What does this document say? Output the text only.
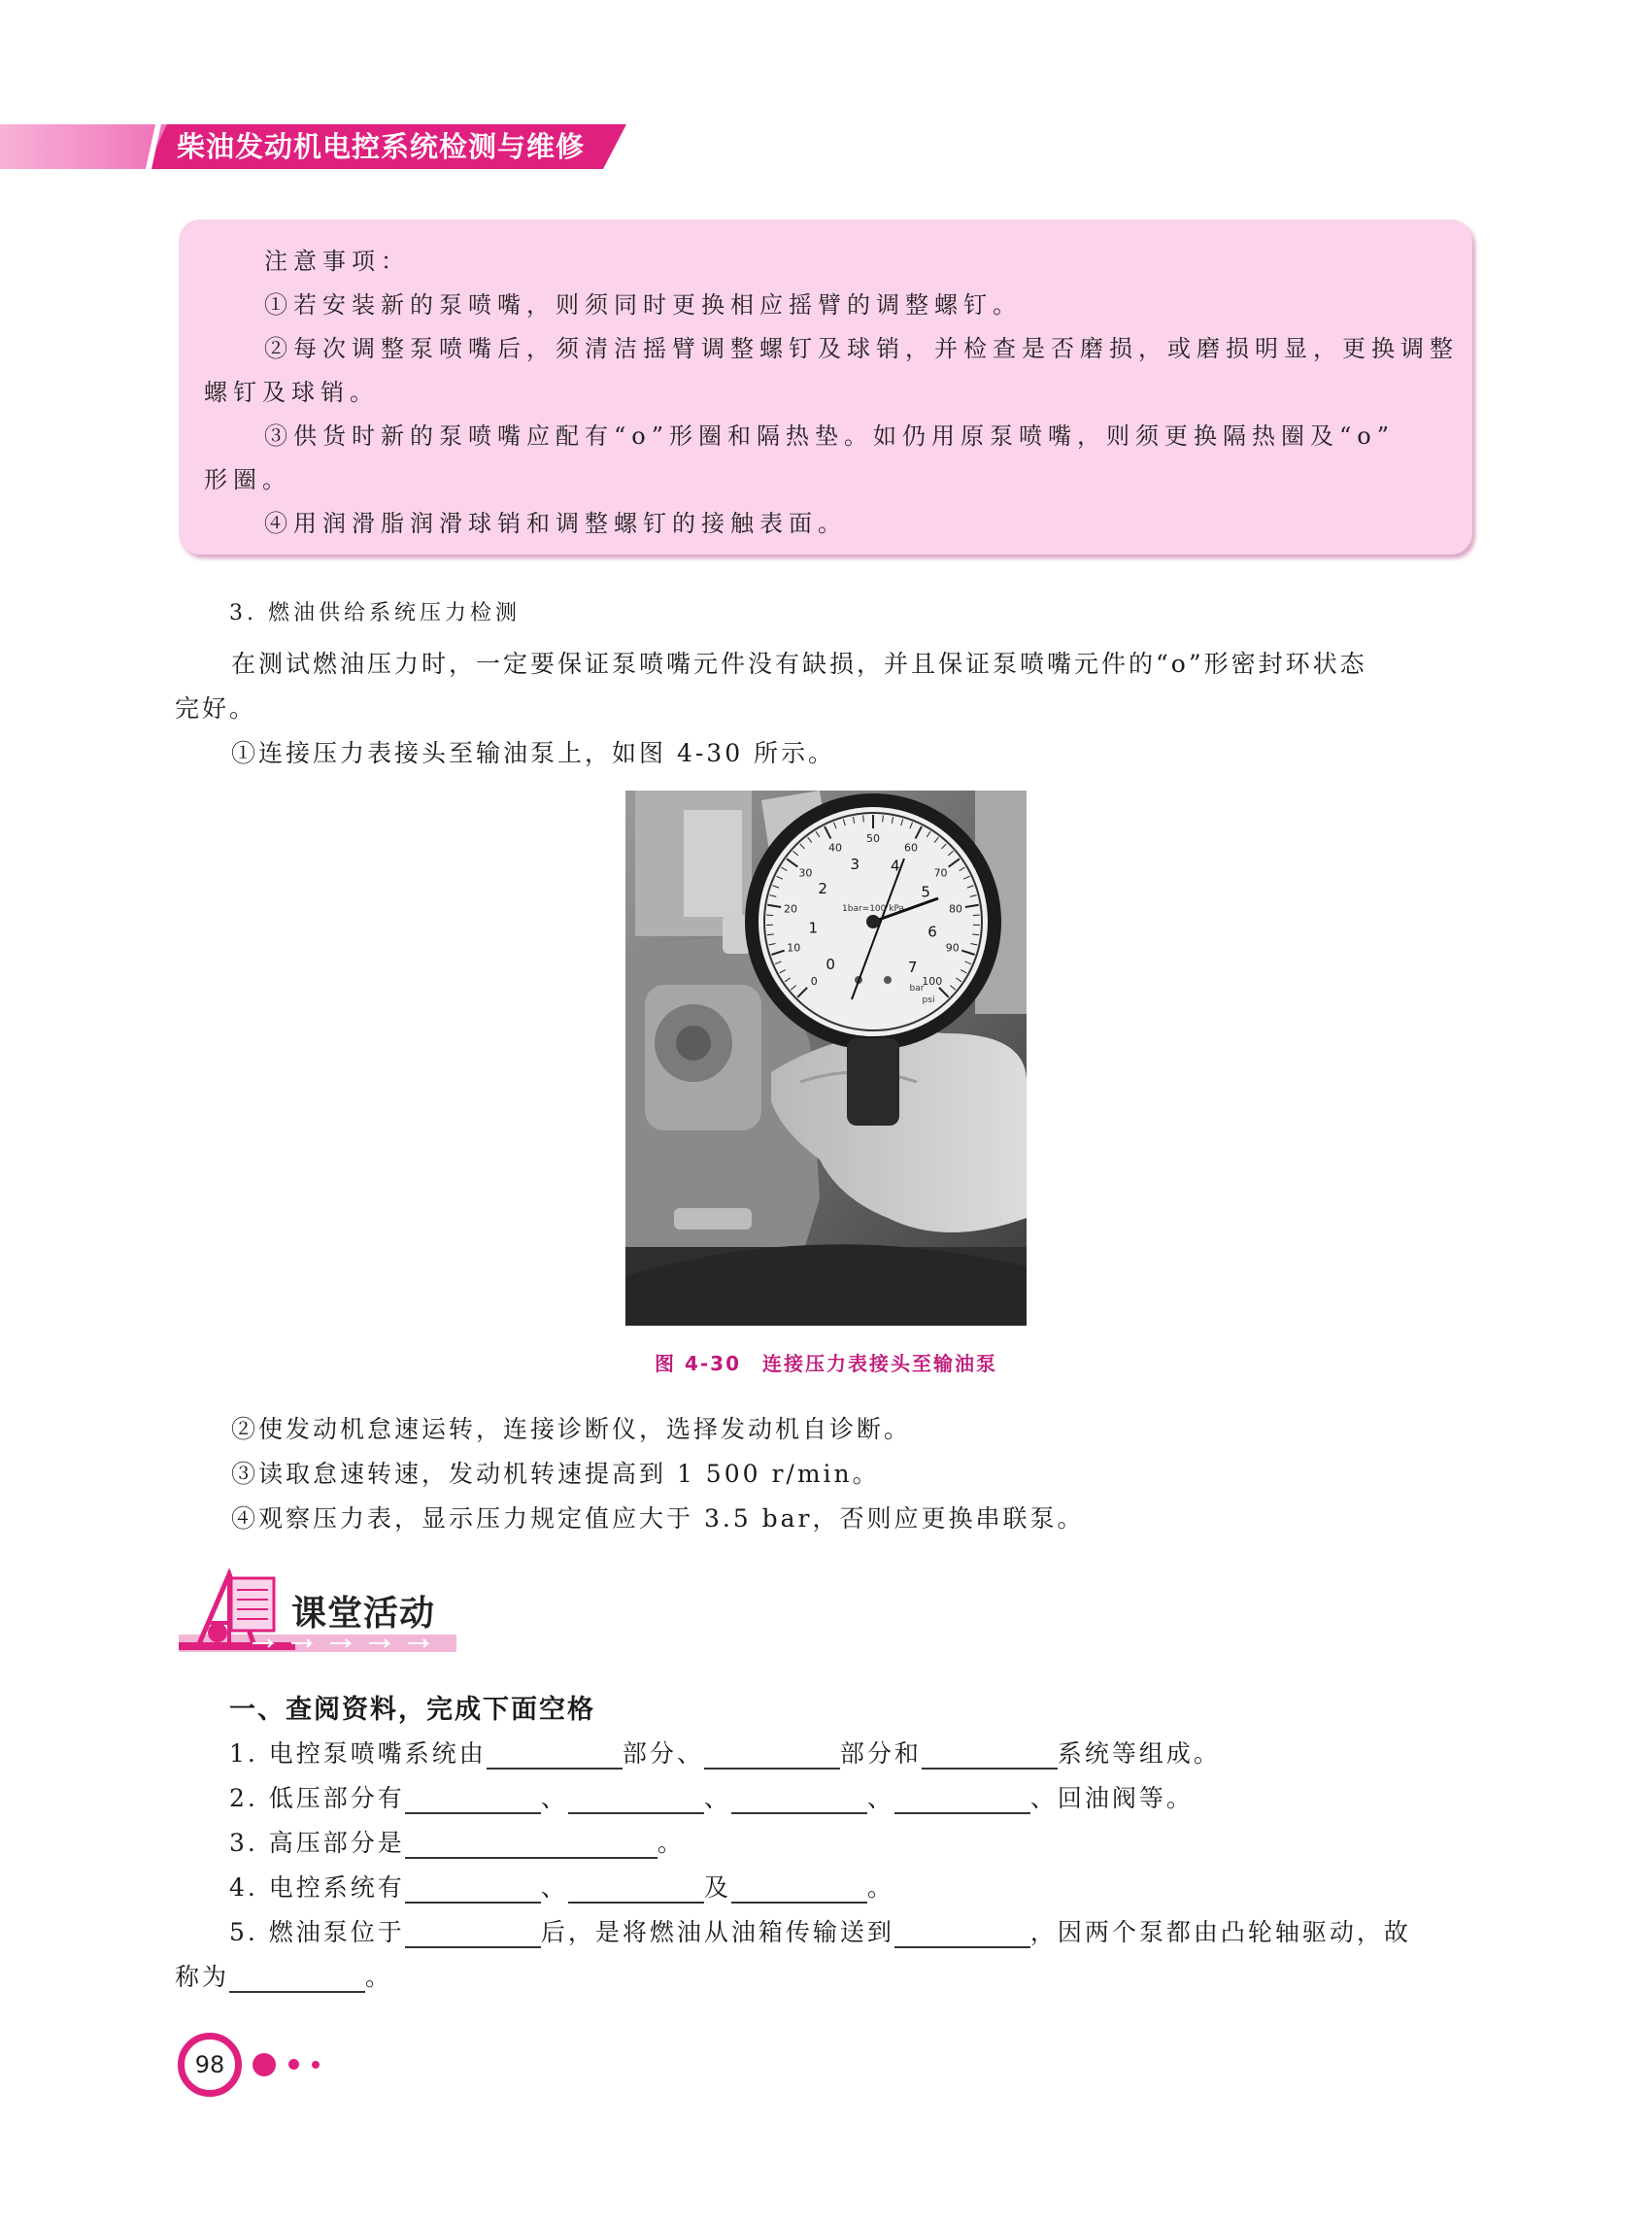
柴油发动机电控系统检测与维修
注意事项：
①若安装新的泵喷嘴，则须同时更换相应摇臂的调整螺钉。
②每次调整泵喷嘴后，须清洁摇臂调整螺钉及球销，并检查是否磨损，或磨损明显，更换调整
螺钉及球销。
③供货时新的泵喷嘴应配有“o”形圈和隔热垫。如仍用原泵喷嘴，则须更换隔热圈及“o”
形圈。
④用润滑脂润滑球销和调整螺钉的接触表面。
3. 燃油供给系统压力检测
在测试燃油压力时，一定要保证泵喷嘴元件没有缺损，并且保证泵喷嘴元件的“o”形密封环状态
完好。
①连接压力表接头至输油泵上，如图 4-30 所示。
0
10
20
30
40
50
60
70
80
90
100
0
1
2
3 4
5
6
7
1bar=100 kPa
bar
psi
图 4-30　连接压力表接头至输油泵
②使发动机怠速运转，连接诊断仪，选择发动机自诊断。
③读取怠速转速，发动机转速提高到 1 500 r/min。
④观察压力表，显示压力规定值应大于 3.5 bar，否则应更换串联泵。
课堂活动
一、查阅资料，完成下面空格
1. 电控泵喷嘴系统由	部分、	部分和	系统等组成。
2. 低压部分有	、	、	、	、回油阀等。
3. 高压部分是	。
4. 电控系统有	、	及	。
5. 燃油泵位于	后，是将燃油从油箱传输送到	，因两个泵都由凸轮轴驱动，故
称为	。
98
